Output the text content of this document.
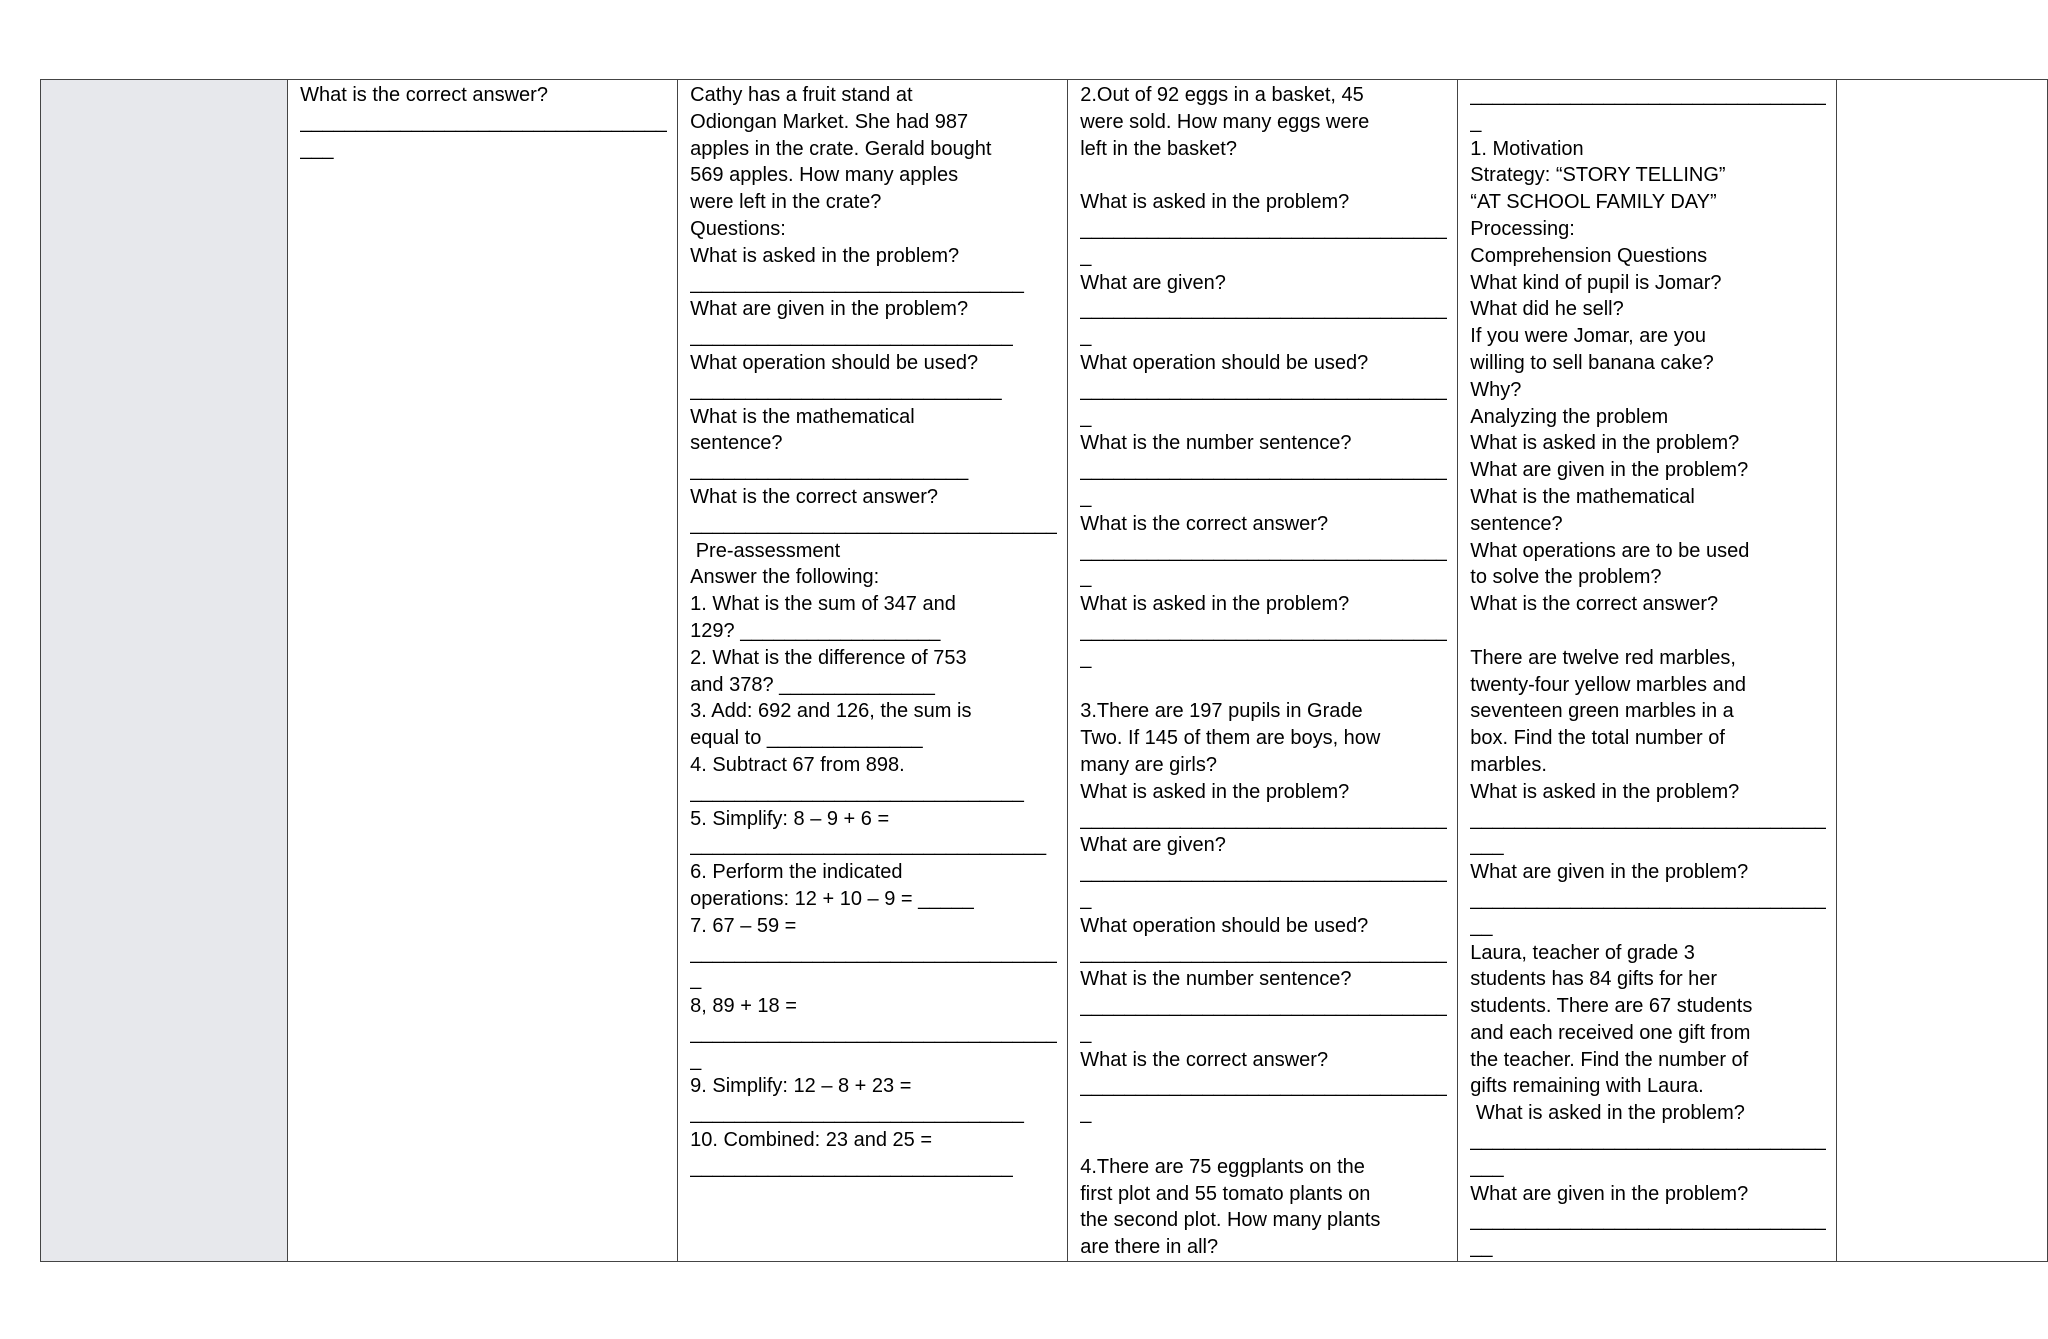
What is the correct answer?
_________________________________
___

Cathy has a fruit stand at
Odiongan Market. She had 987
apples in the crate. Gerald bought
569 apples. How many apples
were left in the crate?
Questions:
What is asked in the problem?
______________________________
What are given in the problem?
_____________________________
What operation should be used?
____________________________
What is the mathematical
sentence?
_________________________
What is the correct answer?
_________________________________
Pre-assessment
Answer the following:
1. What is the sum of 347 and
129? __________________
2. What is the difference of 753
and 378? ______________
3. Add: 692 and 126, the sum is
equal to ______________
4. Subtract 67 from 898.
______________________________
5. Simplify: 8 – 9 + 6 =
________________________________
6. Perform the indicated
operations: 12 + 10 – 9 = _____
7. 67 – 59 =
_________________________________
_
8, 89 + 18 =
_________________________________
_
9. Simplify: 12 – 8 + 23 =
______________________________
10. Combined: 23 and 25 =
_____________________________

2.Out of 92 eggs in a basket, 45
were sold. How many eggs were
left in the basket?
What is asked in the problem?
_________________________________
_
What are given?
_________________________________
_
What operation should be used?
_________________________________
_
What is the number sentence?
_________________________________
_
What is the correct answer?
_________________________________
_
What is asked in the problem?
_________________________________
_
3.There are 197 pupils in Grade
Two. If 145 of them are boys, how
many are girls?
What is asked in the problem?
_________________________________
What are given?
_________________________________
_
What operation should be used?
_________________________________
What is the number sentence?
_________________________________
_
What is the correct answer?
_________________________________
_
4.There are 75 eggplants on the
first plot and 55 tomato plants on
the second plot. How many plants
are there in all?

________________________________
_
1. Motivation
Strategy: “STORY TELLING”
“AT SCHOOL FAMILY DAY”
Processing:
Comprehension Questions
What kind of pupil is Jomar?
What did he sell?
If you were Jomar, are you
willing to sell banana cake?
Why?
Analyzing the problem
What is asked in the problem?
What are given in the problem?
What is the mathematical
sentence?
What operations are to be used
to solve the problem?
What is the correct answer?
There are twelve red marbles,
twenty-four yellow marbles and
seventeen green marbles in a
box. Find the total number of
marbles.
What is asked in the problem?
________________________________
___
What are given in the problem?
________________________________
__
Laura, teacher of grade 3
students has 84 gifts for her
students. There are 67 students
and each received one gift from
the teacher. Find the number of
gifts remaining with Laura.
What is asked in the problem?
________________________________
___
What are given in the problem?
________________________________
__
